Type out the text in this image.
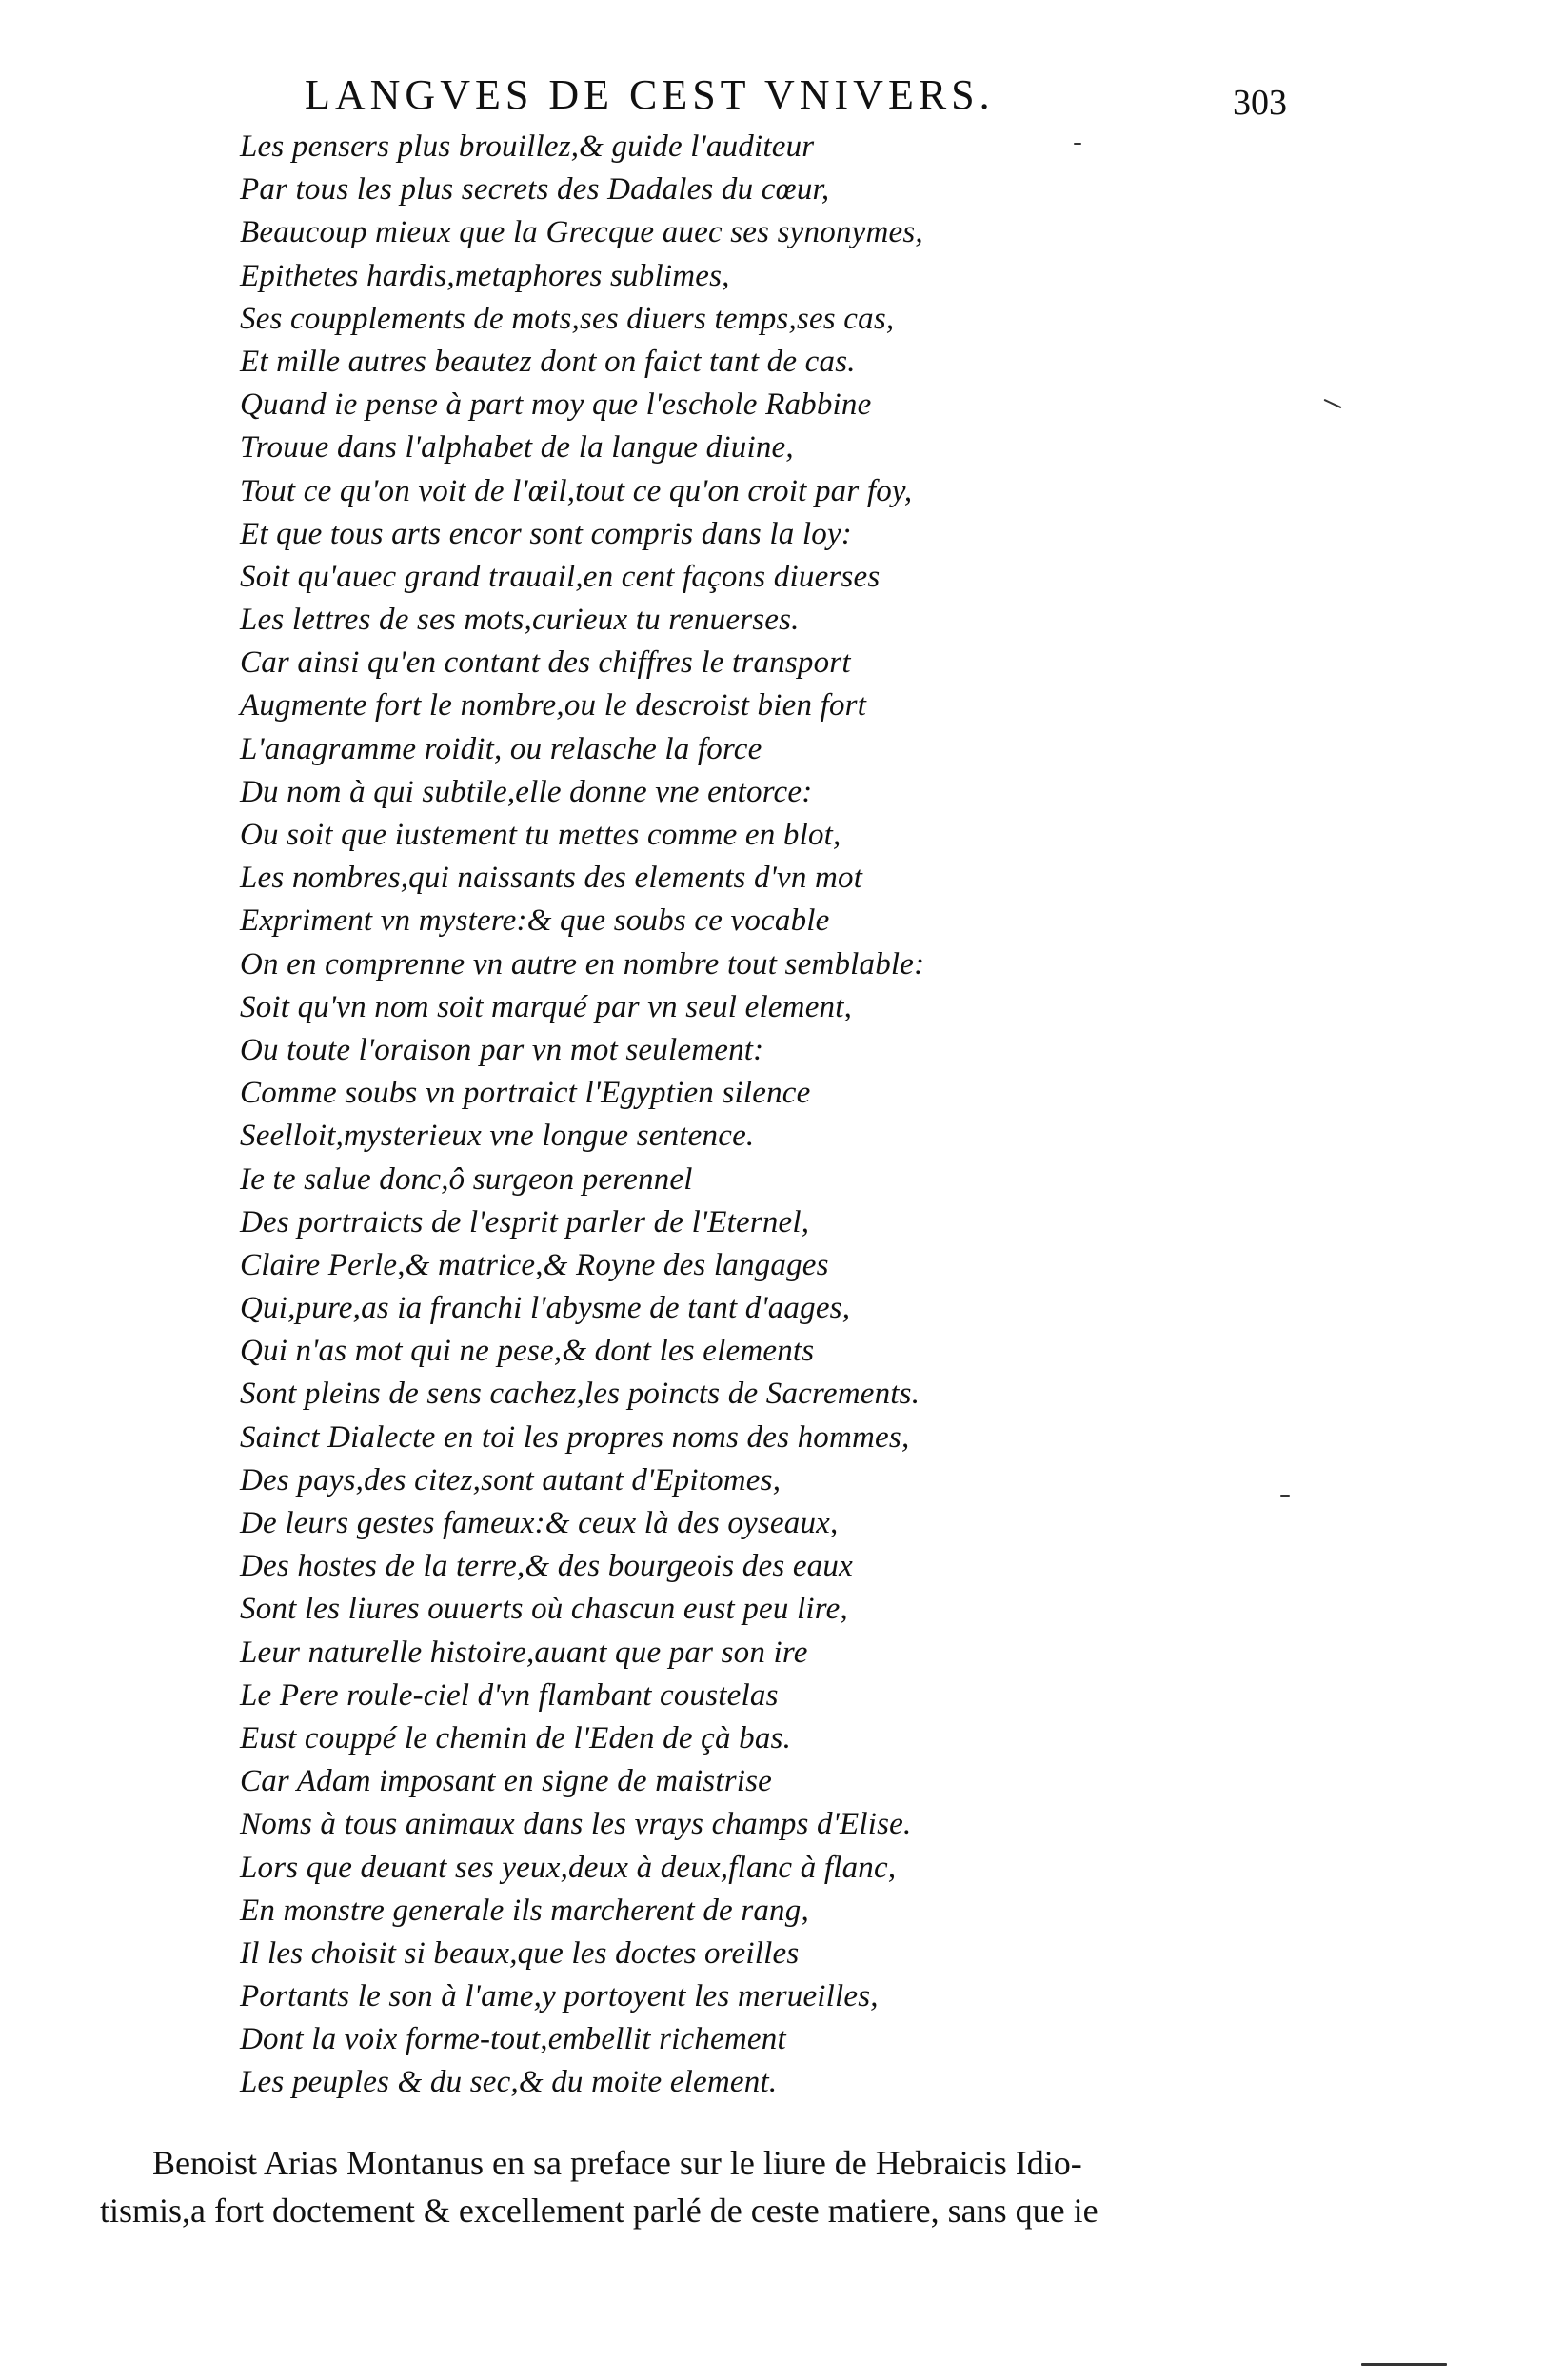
LANGVES DE CEST VNIVERS.	303
Les pensers plus brouillez,& guide l'auditeur
Par tous les plus secrets des Dadales du cœur,
Beaucoup mieux que la Grecque auec ses synonymes,
Epithetes hardis,metaphores sublimes,
Ses coupplements de mots,ses diuers temps,ses cas,
Et mille autres beautez dont on faict tant de cas.
Quand ie pense à part moy que l'eschole Rabbine
Trouue dans l'alphabet de la langue diuine,
Tout ce qu'on voit de l'œil,tout ce qu'on croit par foy,
Et que tous arts encor sont compris dans la loy:
Soit qu'auec grand trauail,en cent façons diuerses
Les lettres de ses mots,curieux tu renuerses.
Car ainsi qu'en contant des chiffres le transport
Augmente fort le nombre,ou le descroist bien fort
L'anagramme roidit, ou relasche la force
Du nom à qui subtile,elle donne vne entorce:
Ou soit que iustement tu mettes comme en blot,
Les nombres,qui naissants des elements d'vn mot
Expriment vn mystere:& que soubs ce vocable
On en comprenne vn autre en nombre tout semblable:
Soit qu'vn nom soit marqué par vn seul element,
Ou toute l'oraison par vn mot seulement:
Comme soubs vn portraict l'Egyptien silence
Seelloit,mysterieux vne longue sentence.
Ie te salue donc,ô surgeon perennel
Des portraicts de l'esprit parler de l'Eternel,
Claire Perle,& matrice,& Royne des langages
Qui,pure,as ia franchi l'abysme de tant d'aages,
Qui n'as mot qui ne pese,& dont les elements
Sont pleins de sens cachez,les poincts de Sacrements.
Sainct Dialecte en toi les propres noms des hommes,
Des pays,des citez,sont autant d'Epitomes,
De leurs gestes fameux:& ceux là des oyseaux,
Des hostes de la terre,& des bourgeois des eaux
Sont les liures ouuerts où chascun eust peu lire,
Leur naturelle histoire,auant que par son ire
Le Pere roule-ciel d'vn flambant coustelas
Eust couppé le chemin de l'Eden de çà bas.
Car Adam imposant en signe de maistrise
Noms à tous animaux dans les vrays champs d'Elise.
Lors que deuant ses yeux,deux à deux,flanc à flanc,
En monstre generale ils marcherent de rang,
Il les choisit si beaux,que les doctes oreilles
Portants le son à l'ame,y portoyent les merueilles,
Dont la voix forme-tout,embellit richement
Les peuples & du sec,& du moite element.
Benoist Arias Montanus en sa preface sur le liure de Hebraicis Idio-
tismis,a fort doctement & excellement parlé de ceste matiere, sans que ie
